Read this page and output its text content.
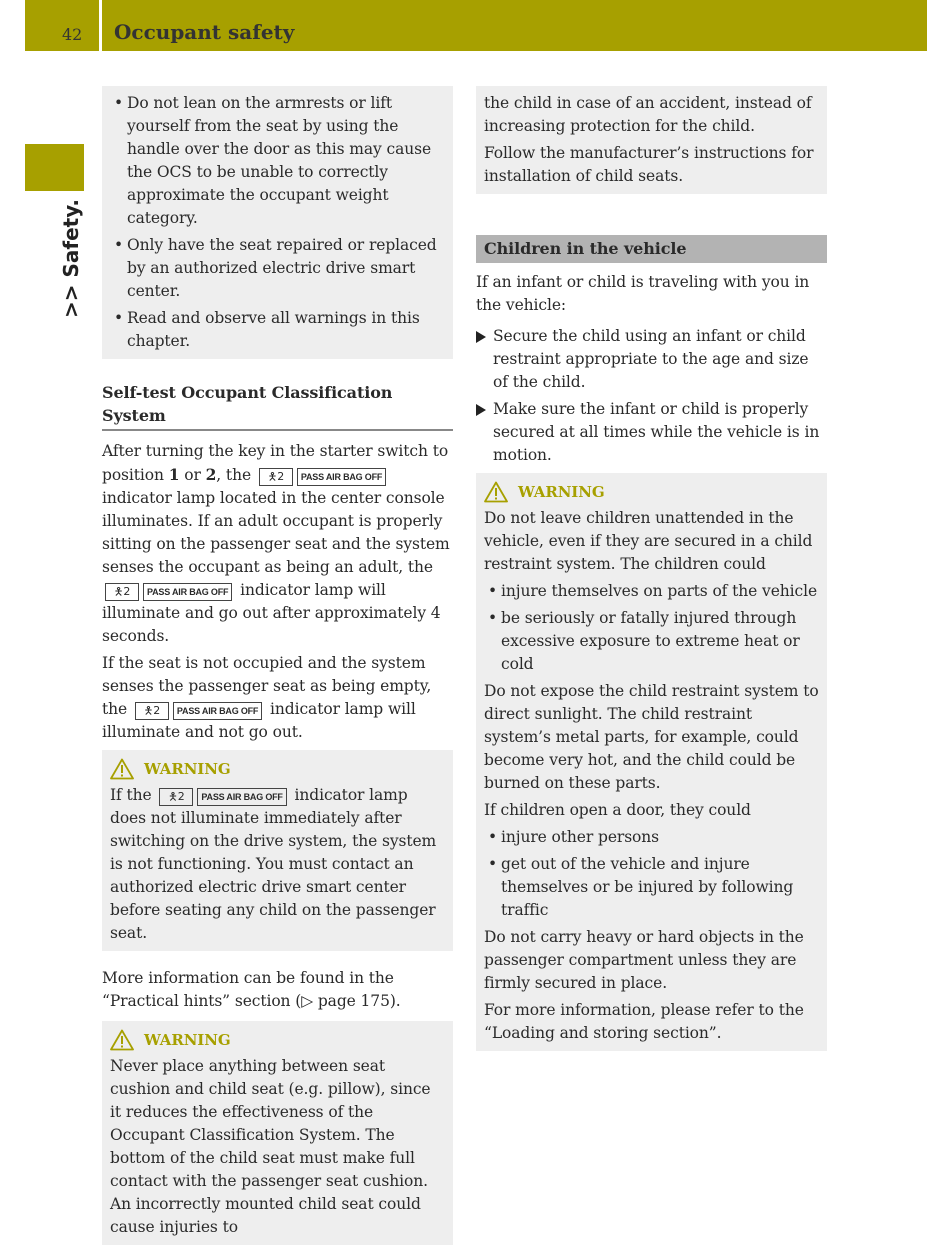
42 Occupant safety
>> Safety.
• Do not lean on the armrests or lift yourself from the seat by using the handle over the door as this may cause the OCS to be unable to correctly approximate the occupant weight category.
• Only have the seat repaired or replaced by an authorized electric drive smart center.
• Read and observe all warnings in this chapter.
Self-test Occupant Classification System

After turning the key in the starter switch to position 1 or 2, the 🯅2 PASS AIR BAG OFF indicator lamp located in the center console illuminates. If an adult occupant is properly sitting on the passenger seat and the system senses the occupant as being an adult, the 🯅2 PASS AIR BAG OFF indicator lamp will illuminate and go out after approximately 4 seconds.

If the seat is not occupied and the system senses the passenger seat as being empty, the 🯅2 PASS AIR BAG OFF indicator lamp will illuminate and not go out.

WARNING

If the 🯅2 PASS AIR BAG OFF indicator lamp does not illuminate immediately after switching on the drive system, the system is not functioning. You must contact an authorized electric drive smart center before seating any child on the passenger seat.

More information can be found in the “Practical hints” section (▷ page 175).

WARNING

Never place anything between seat cushion and child seat (e.g. pillow), since it reduces the effectiveness of the Occupant Classification System. The bottom of the child seat must make full contact with the passenger seat cushion. An incorrectly mounted child seat could cause injuries to

the child in case of an accident, instead of increasing protection for the child.

Follow the manufacturer’s instructions for installation of child seats.

Children in the vehicle

If an infant or child is traveling with you in the vehicle:

Secure the child using an infant or child restraint appropriate to the age and size of the child.
Make sure the infant or child is properly secured at all times while the vehicle is in motion.
WARNING

Do not leave children unattended in the vehicle, even if they are secured in a child restraint system. The children could

• injure themselves on parts of the vehicle
• be seriously or fatally injured through excessive exposure to extreme heat or cold

Do not expose the child restraint system to direct sunlight. The child restraint system’s metal parts, for example, could become very hot, and the child could be burned on these parts.

If children open a door, they could

• injure other persons
• get out of the vehicle and injure themselves or be injured by following traffic

Do not carry heavy or hard objects in the passenger compartment unless they are firmly secured in place.

For more information, please refer to the “Loading and storing section”.
